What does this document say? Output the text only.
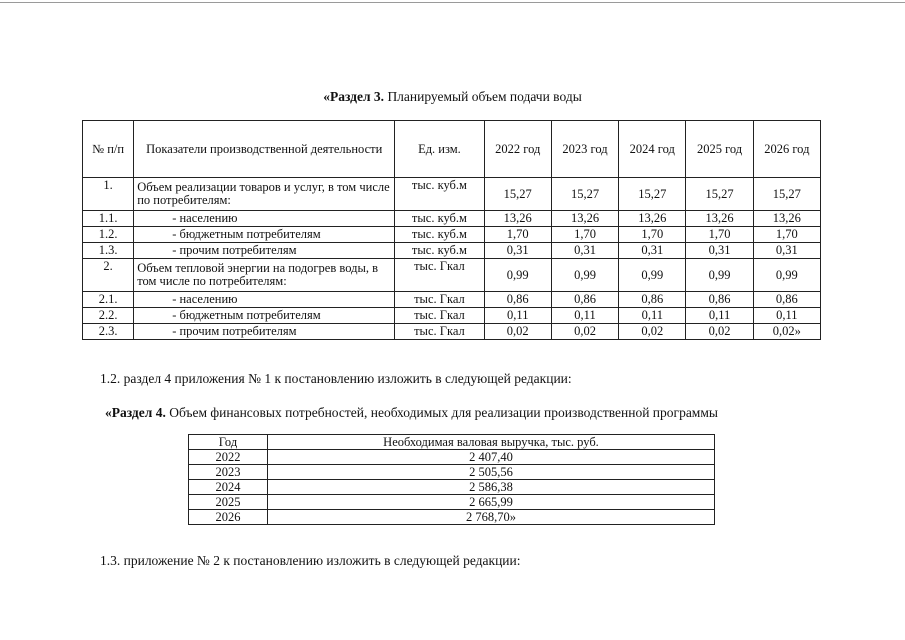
«Раздел 3. Планируемый объем подачи воды
№ п/п	Показатели производственной деятельности	Ед. изм.	2022 год	2023 год	2024 год	2025 год	2026 год
1.	Объем реализации товаров и услуг, в том числе по потребителям:	тыс. куб.м	15,27	15,27	15,27	15,27	15,27
1.1.	- населению	тыс. куб.м	13,26	13,26	13,26	13,26	13,26
1.2.	- бюджетным потребителям	тыс. куб.м	1,70	1,70	1,70	1,70	1,70
1.3.	- прочим потребителям	тыс. куб.м	0,31	0,31	0,31	0,31	0,31
2.	Объем тепловой энергии на подогрев воды, в том числе по потребителям:	тыс. Гкал	0,99	0,99	0,99	0,99	0,99
2.1.	- населению	тыс. Гкал	0,86	0,86	0,86	0,86	0,86
2.2.	- бюджетным потребителям	тыс. Гкал	0,11	0,11	0,11	0,11	0,11
2.3.	- прочим потребителям	тыс. Гкал	0,02	0,02	0,02	0,02	0,02»
1.2. раздел 4 приложения № 1 к постановлению изложить в следующей редакции:
«Раздел 4. Объем финансовых потребностей, необходимых для реализации производственной программы
Год	Необходимая валовая выручка, тыс. руб.
2022	2 407,40
2023	2 505,56
2024	2 586,38
2025	2 665,99
2026	2 768,70»
1.3. приложение № 2 к постановлению изложить в следующей редакции:
